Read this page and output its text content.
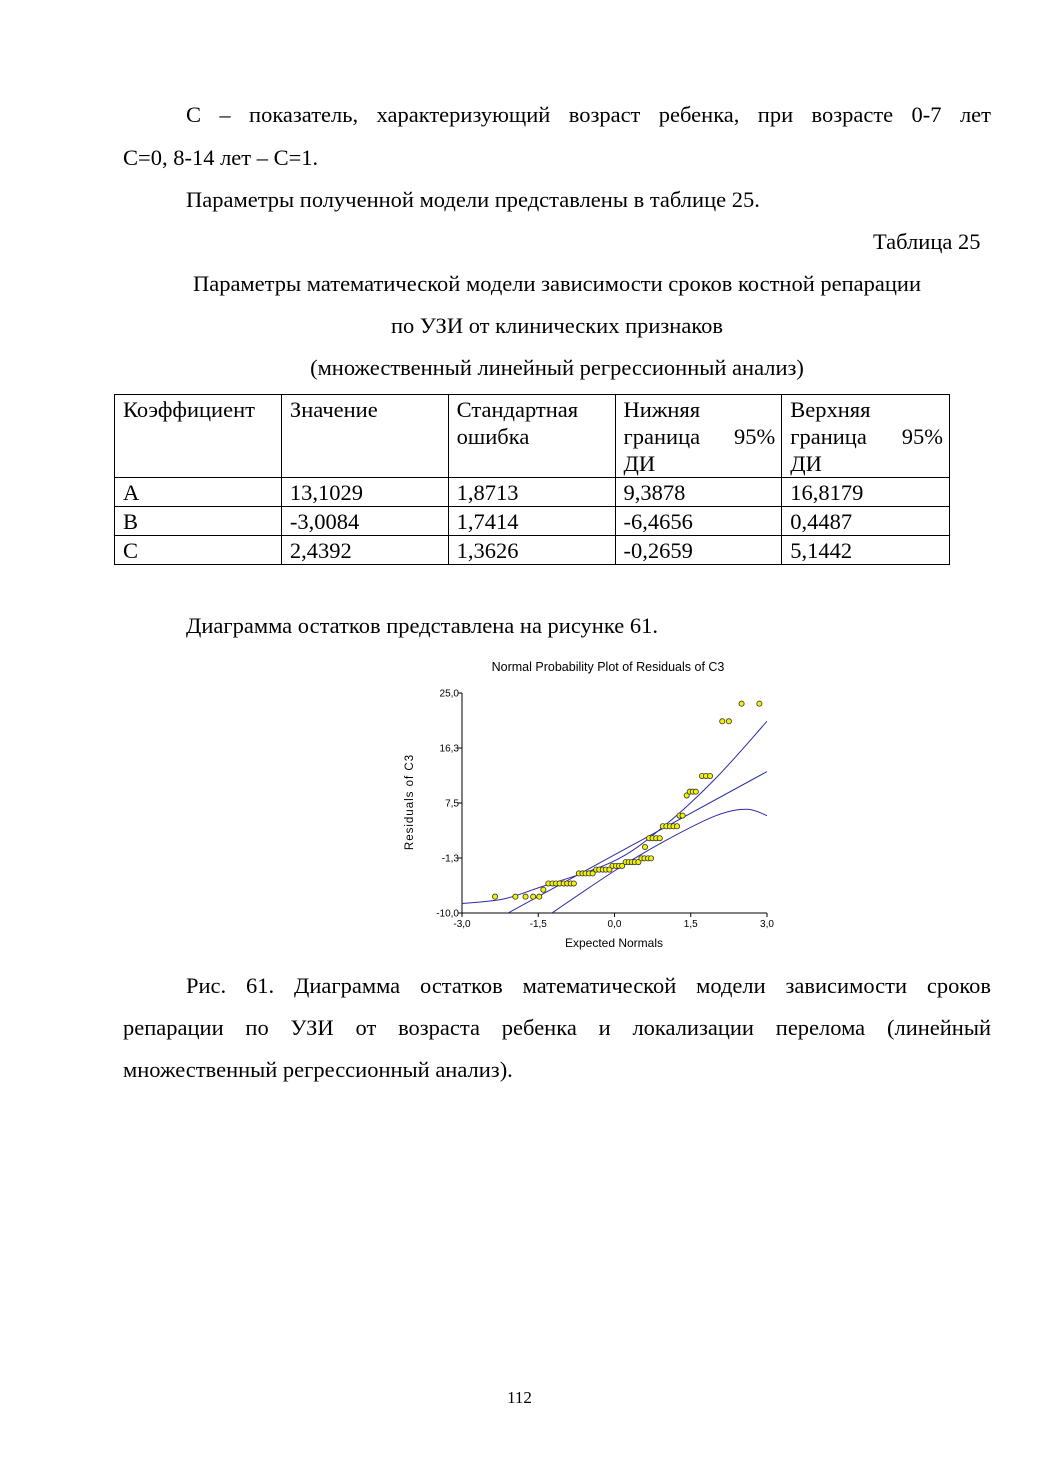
С – показатель, характеризующий возраст ребенка, при возрасте 0-7 лет
С=0, 8-14 лет – С=1.
Параметры полученной модели представлены в таблице 25.
Таблица 25
Параметры математической модели зависимости сроков костной репарации
по УЗИ от клинических признаков
(множественный линейный регрессионный анализ)
Коэффициент	Значение	Стандартная ошибка	Нижняя граница 95% ДИ	Верхняя граница 95% ДИ
A	13,1029	1,8713	9,3878	16,8179
B	-3,0084	1,7414	-6,4656	0,4487
C	2,4392	1,3626	-0,2659	5,1442
Диаграмма остатков представлена на рисунке 61.
Normal Probability Plot of Residuals of C3
Residuals of C3
Expected Normals
25,0
16,3
7,5
-1,3
-10,0
-3,0	-1,5	0,0	1,5	3,0
Рис. 61. Диаграмма остатков математической модели зависимости сроков
репарации по УЗИ от возраста ребенка и локализации перелома (линейный
множественный регрессионный анализ).
112
